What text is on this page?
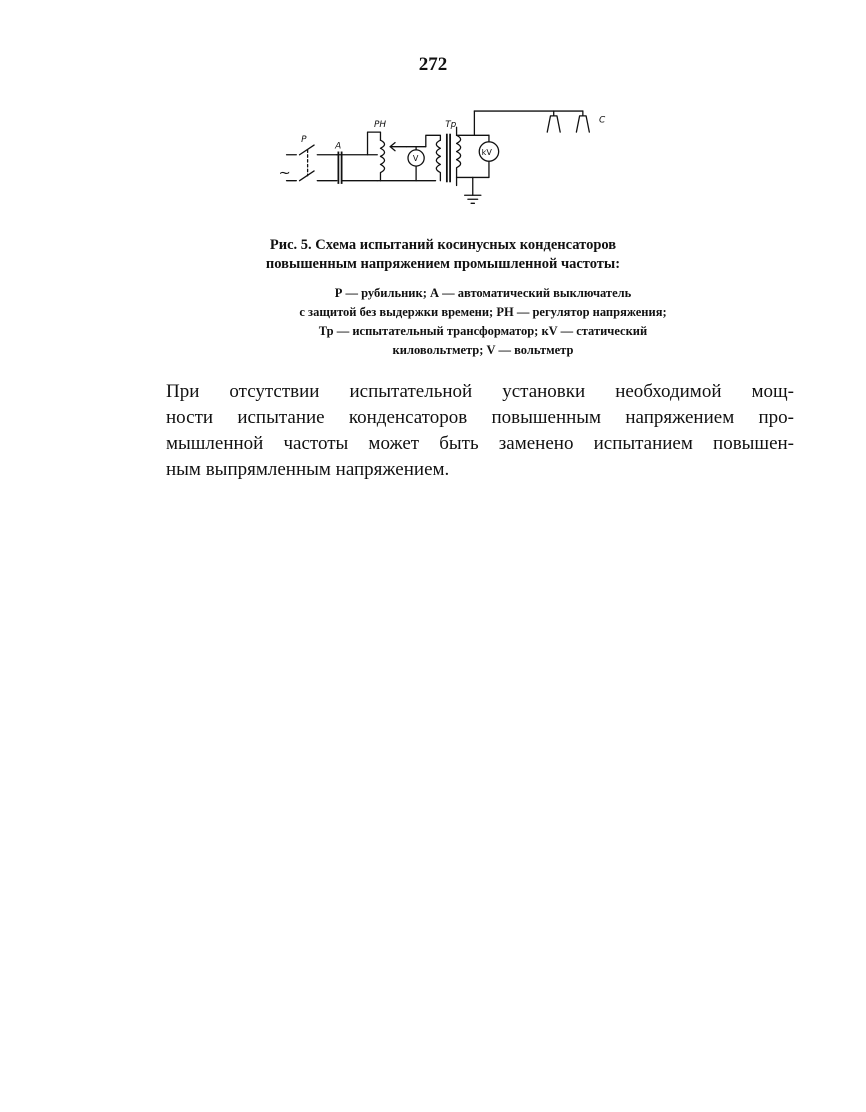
272
~
P
A
PH
V
Tp
kV
C
Рис. 5. Схема испытаний косинусных конденсаторов
повышенным напряжением промышленной частоты:
Р — рубильник; А — автоматический выключатель
с защитой без выдержки времени; РН — регулятор напряжения;
Тр — испытательный трансформатор; кV — статический
киловольтметр; V — вольтметр
При отсутствии испытательной установки необходимой мощ-
ности испытание конденсаторов повышенным напряжением про-
мышленной частоты может быть заменено испытанием повышен-
ным выпрямленным напряжением.
